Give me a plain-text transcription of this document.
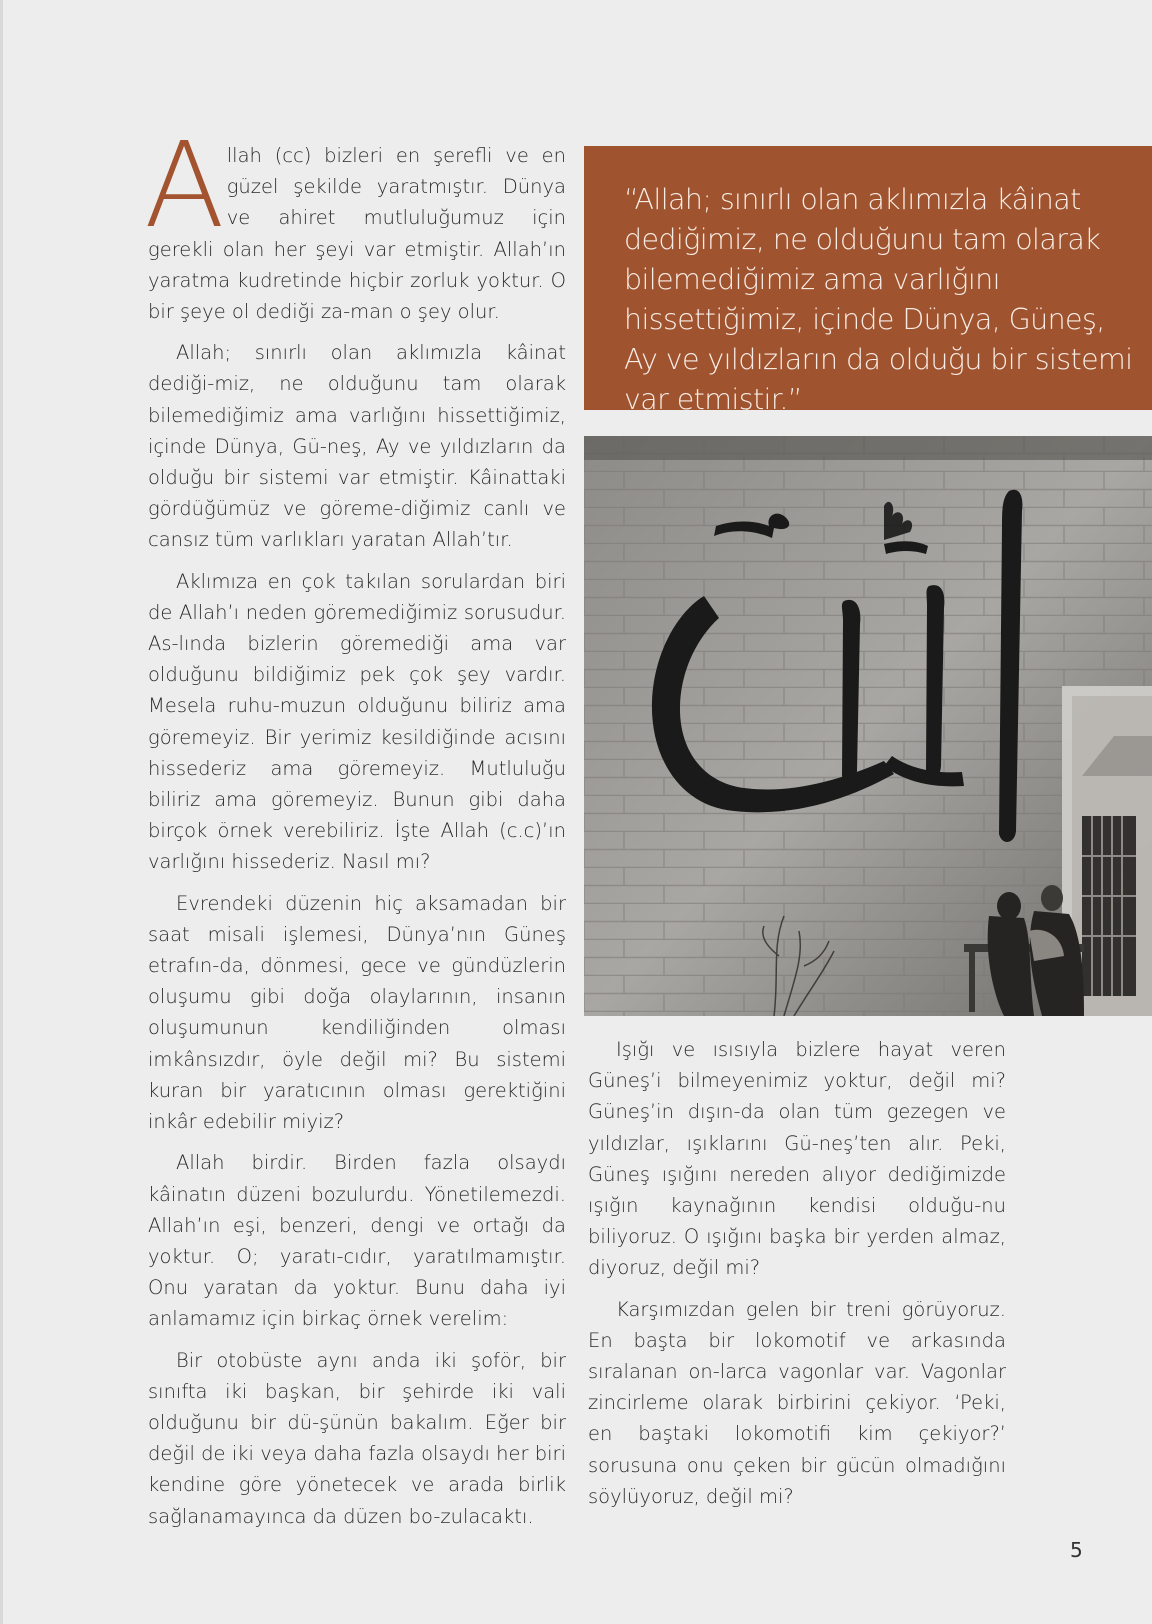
Allah (cc) bizleri en şerefli ve en güzel şekilde yaratmıştır. Dünya ve ahiret mutluluğumuz için gerekli olan her şeyi var etmiştir. Allah’ın yaratma kudretinde hiçbir zorluk yoktur. O bir şeye ol dediği za-man o şey olur.

Allah; sınırlı olan aklımızla kâinat dediği-miz, ne olduğunu tam olarak bilemediğimiz ama varlığını hissettiğimiz, içinde Dünya, Gü-neş, Ay ve yıldızların da olduğu bir sistemi var etmiştir. Kâinattaki gördüğümüz ve göreme-diğimiz canlı ve cansız tüm varlıkları yaratan Allah’tır.

Aklımıza en çok takılan sorulardan biri de Allah’ı neden göremediğimiz sorusudur. As-lında bizlerin göremediği ama var olduğunu bildiğimiz pek çok şey vardır. Mesela ruhu-muzun olduğunu biliriz ama göremeyiz. Bir yerimiz kesildiğinde acısını hissederiz ama göremeyiz. Mutluluğu biliriz ama göremeyiz. Bunun gibi daha birçok örnek verebiliriz. İşte Allah (c.c)’ın varlığını hissederiz. Nasıl mı?

Evrendeki düzenin hiç aksamadan bir saat misali işlemesi, Dünya’nın Güneş etrafın-da, dönmesi, gece ve gündüzlerin oluşumu gibi doğa olaylarının, insanın oluşumunun kendiliğinden olması imkânsızdır, öyle değil mi? Bu sistemi kuran bir yaratıcının olması gerektiğini inkâr edebilir miyiz?

Allah birdir. Birden fazla olsaydı kâinatın düzeni bozulurdu. Yönetilemezdi. Allah’ın eşi, benzeri, dengi ve ortağı da yoktur. O; yaratı-cıdır, yaratılmamıştır. Onu yaratan da yoktur. Bunu daha iyi anlamamız için birkaç örnek verelim:

Bir otobüste aynı anda iki şoför, bir sınıfta iki başkan, bir şehirde iki vali olduğunu bir dü-şünün bakalım. Eğer bir değil de iki veya daha fazla olsaydı her biri kendine göre yönetecek ve arada birlik sağlanamayınca da düzen bo-zulacaktı.

“Allah; sınırlı olan aklımızla kâinat dediğimiz, ne olduğunu tam olarak bilemediğimiz ama varlığını hissettiğimiz, içinde Dünya, Güneş, Ay ve yıldızların da olduğu bir sistemi var etmiştir.”

Işığı ve ısısıyla bizlere hayat veren Güneş’i bilmeyenimiz yoktur, değil mi? Güneş’in dışın-da olan tüm gezegen ve yıldızlar, ışıklarını Gü-neş’ten alır. Peki, Güneş ışığını nereden alıyor dediğimizde ışığın kaynağının kendisi olduğu-nu biliyoruz. O ışığını başka bir yerden almaz, diyoruz, değil mi?

Karşımızdan gelen bir treni görüyoruz. En başta bir lokomotif ve arkasında sıralanan on-larca vagonlar var. Vagonlar zincirleme olarak birbirini çekiyor. ‘Peki, en baştaki lokomotifi kim çekiyor?’ sorusuna onu çeken bir gücün olmadığını söylüyoruz, değil mi?

5
